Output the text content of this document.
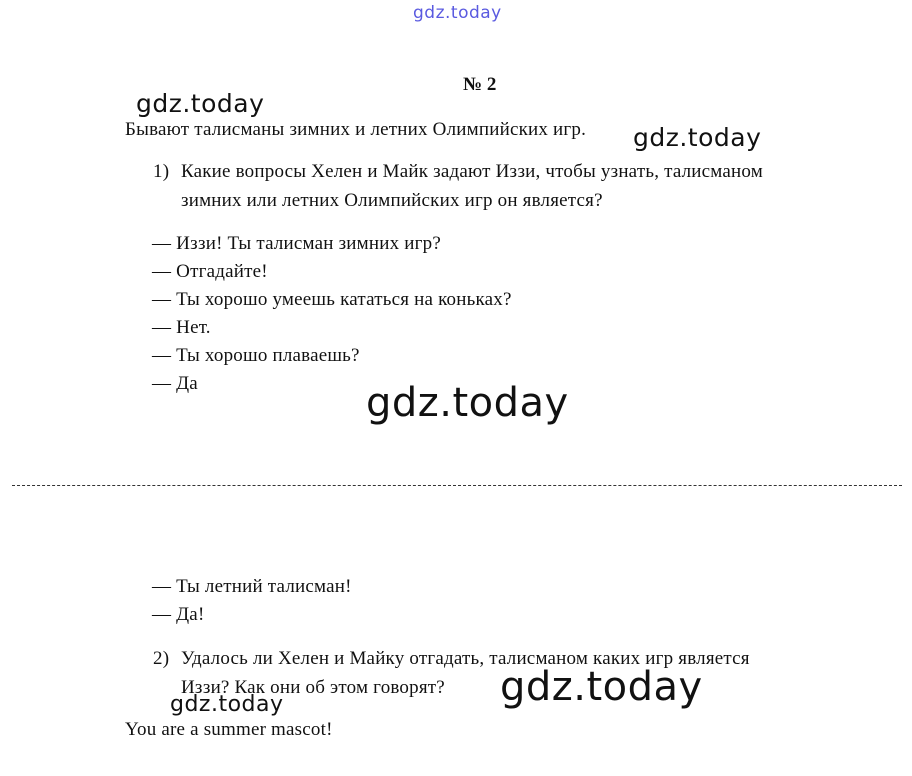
gdz.today
№ 2
gdz.today
Бывают талисманы зимних и летних Олимпийских игр. gdz.today
1) Какие вопросы Хелен и Майк задают Иззи, чтобы узнать, талисманом
зимних или летних Олимпийских игр он является?
— Иззи! Ты талисман зимних игр?
— Отгадайте!
— Ты хорошо умеешь кататься на коньках?
— Нет.
— Ты хорошо плаваешь?
— Да	gdz.today
— Ты летний талисман!
— Да!
2) Удалось ли Хелен и Майку отгадать, талисманом каких игр является
Иззи? Как они об этом говорят? gdz.today
gdz.today
You are a summer mascot!
